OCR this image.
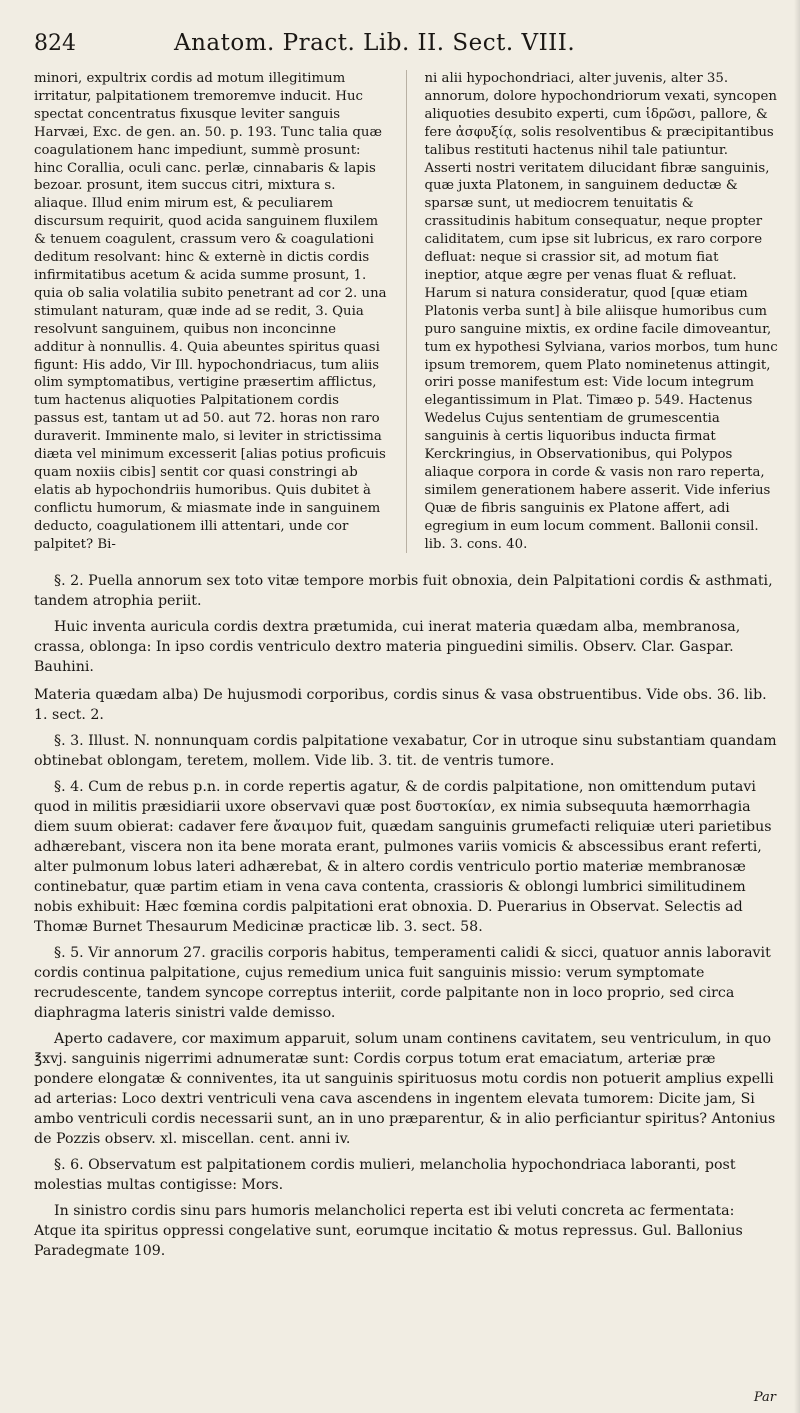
824	Anatom. Pract. Lib. II. Sect. VIII.

minori, expultrix cordis ad motum illegitimum irritatur, palpitationem tremoremve inducit. Huc spectat concentratus fixusque leviter sanguis Harvæi, Exc. de gen. an. 50. p. 193. Tunc talia quæ coagulationem hanc impediunt, summè prosunt: hinc Corallia, oculi canc. perlæ, cinnabaris & lapis bezoar. prosunt, item succus citri, mixtura s. aliaque. Illud enim mirum est, & peculiarem discursum requirit, quod acida sanguinem fluxilem & tenuem coagulent, crassum vero & coagulationi deditum resolvant: hinc & externè in dictis cordis infirmitatibus acetum & acida summe prosunt, 1. quia ob salia volatilia subito penetrant ad cor 2. una stimulant naturam, quæ inde ad se redit, 3. Quia resolvunt sanguinem, quibus non inconcinne additur à nonnullis. 4. Quia abeuntes spiritus quasi figunt: His addo, Vir Ill. hypochondriacus, tum aliis olim symptomatibus, vertigine præsertim afflictus, tum hactenus aliquoties Palpitationem cordis passus est, tantam ut ad 50. aut 72. horas non raro duraverit. Imminente malo, si leviter in strictissima diæta vel minimum excesserit [alias potius proficuis quam noxiis cibis] sentit cor quasi constringi ab elatis ab hypochondriis humoribus. Quis dubitet à conflictu humorum, & miasmate inde in sanguinem deducto, coagulationem illi attentari, unde cor palpitet? Bi-

ni alii hypochondriaci, alter juvenis, alter 35. annorum, dolore hypochondriorum vexati, syncopen aliquoties desubito experti, cum ἱδρῶσι, pallore, & fere ἀσφυξίᾳ, solis resolventibus & præcipitantibus talibus restituti hactenus nihil tale patiuntur. Asserti nostri veritatem dilucidant fibræ sanguinis, quæ juxta Platonem, in sanguinem deductæ & sparsæ sunt, ut mediocrem tenuitatis & crassitudinis habitum consequatur, neque propter caliditatem, cum ipse sit lubricus, ex raro corpore defluat: neque si crassior sit, ad motum fiat ineptior, atque ægre per venas fluat & refluat. Harum si natura consideratur, quod [quæ etiam Platonis verba sunt] à bile aliisque humoribus cum puro sanguine mixtis, ex ordine facile dimoveantur, tum ex hypothesi Sylviana, varios morbos, tum hunc ipsum tremorem, quem Plato nominetenus attingit, oriri posse manifestum est: Vide locum integrum elegantissimum in Plat. Timæo p. 549. Hactenus Wedelus Cujus sententiam de grumescentia sanguinis à certis liquoribus inducta firmat Kerckringius, in Observationibus, qui Polypos aliaque corpora in corde & vasis non raro reperta, similem generationem habere asserit. Vide inferius Quæ de fibris sanguinis ex Platone affert, adi egregium in eum locum comment. Ballonii consil. lib. 3. cons. 40.

§. 2. Puella annorum sex toto vitæ tempore morbis fuit obnoxia, dein Palpitationi cordis & asthmati, tandem atrophia periit.

Huic inventa auricula cordis dextra prætumida, cui inerat materia quædam alba, membranosa, crassa, oblonga: In ipso cordis ventriculo dextro materia pinguedini similis. Observ. Clar. Gaspar. Bauhini.

Materia quædam alba) De hujusmodi corporibus, cordis sinus & vasa obstruentibus. Vide obs. 36. lib. 1. sect. 2.

§. 3. Illust. N. nonnunquam cordis palpitatione vexabatur, Cor in utroque sinu substantiam quandam obtinebat oblongam, teretem, mollem. Vide lib. 3. tit. de ventris tumore.

§. 4. Cum de rebus p.n. in corde repertis agatur, & de cordis palpitatione, non omittendum putavi quod in militis præsidiarii uxore observavi quæ post δυστοκίαν, ex nimia subsequuta hæmorrhagia diem suum obierat: cadaver fere ἄναιμον fuit, quædam sanguinis grumefacti reliquiæ uteri parietibus adhærebant, viscera non ita bene morata erant, pulmones variis vomicis & abscessibus erant referti, alter pulmonum lobus lateri adhærebat, & in altero cordis ventriculo portio materiæ membranosæ continebatur, quæ partim etiam in vena cava contenta, crassioris & oblongi lumbrici similitudinem nobis exhibuit: Hæc fœmina cordis palpitationi erat obnoxia. D. Puerarius in Observat. Selectis ad Thomæ Burnet Thesaurum Medicinæ practicæ lib. 3. sect. 58.

§. 5. Vir annorum 27. gracilis corporis habitus, temperamenti calidi & sicci, quatuor annis laboravit cordis continua palpitatione, cujus remedium unica fuit sanguinis missio: verum symptomate recrudescente, tandem syncope correptus interiit, corde palpitante non in loco proprio, sed circa diaphragma lateris sinistri valde demisso.

Aperto cadavere, cor maximum apparuit, solum unam continens cavitatem, seu ventriculum, in quo ℥xvj. sanguinis nigerrimi adnumeratæ sunt: Cordis corpus totum erat emaciatum, arteriæ præ pondere elongatæ & conniventes, ita ut sanguinis spirituosus motu cordis non potuerit amplius expelli ad arterias: Loco dextri ventriculi vena cava ascendens in ingentem elevata tumorem: Dicite jam, Si ambo ventriculi cordis necessarii sunt, an in uno præparentur, & in alio perficiantur spiritus? Antonius de Pozzis observ. xl. miscellan. cent. anni iv.

§. 6. Observatum est palpitationem cordis mulieri, melancholia hypochondriaca laboranti, post molestias multas contigisse: Mors.

In sinistro cordis sinu pars humoris melancholici reperta est ibi veluti concreta ac fermentata: Atque ita spiritus oppressi congelative sunt, eorumque incitatio & motus repressus. Gul. Ballonius Paradegmate 109.

Par
